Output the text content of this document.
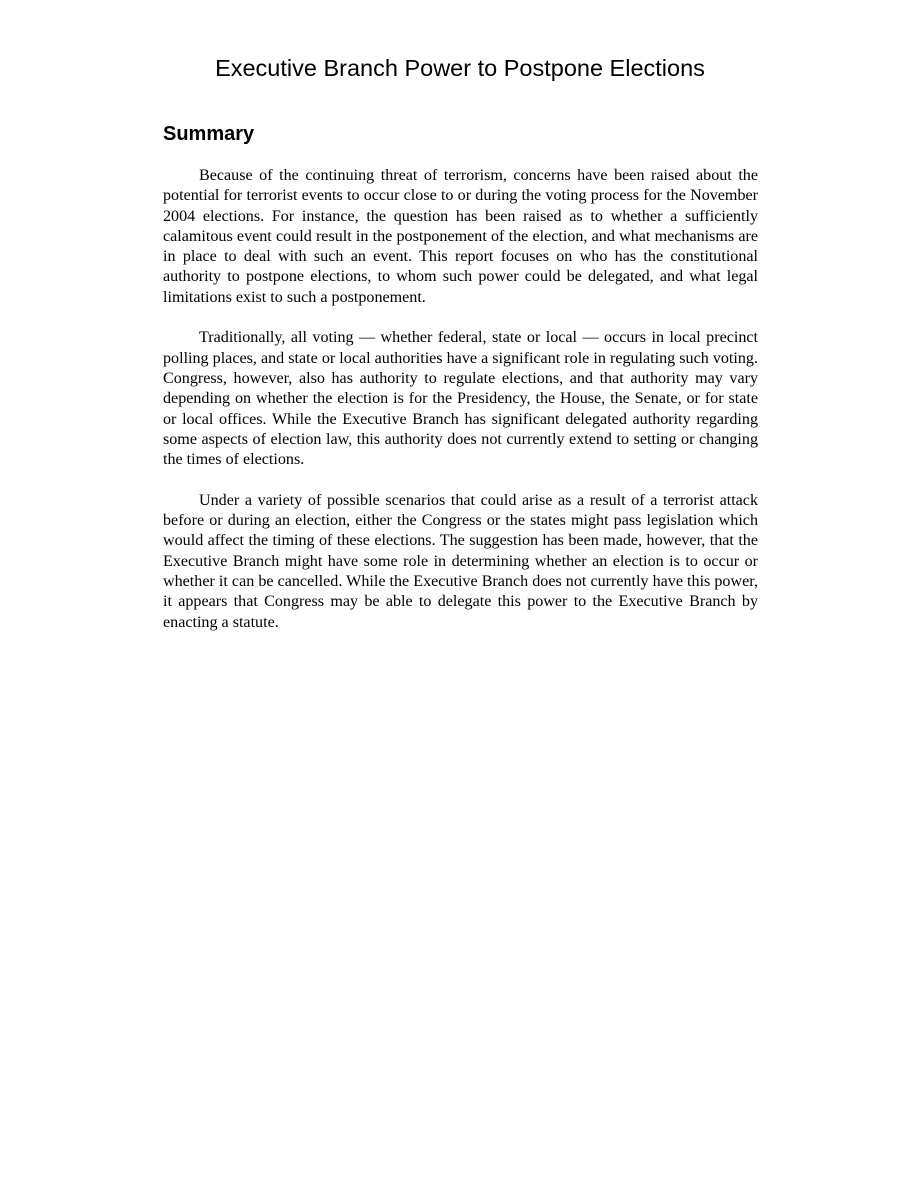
Executive Branch Power to Postpone Elections
Summary

Because of the continuing threat of terrorism, concerns have been raised about the potential for terrorist events to occur close to or during the voting process for the November 2004 elections. For instance, the question has been raised as to whether a sufficiently calamitous event could result in the postponement of the election, and what mechanisms are in place to deal with such an event. This report focuses on who has the constitutional authority to postpone elections, to whom such power could be delegated, and what legal limitations exist to such a postponement.

Traditionally, all voting — whether federal, state or local — occurs in local precinct polling places, and state or local authorities have a significant role in regulating such voting. Congress, however, also has authority to regulate elections, and that authority may vary depending on whether the election is for the Presidency, the House, the Senate, or for state or local offices. While the Executive Branch has significant delegated authority regarding some aspects of election law, this authority does not currently extend to setting or changing the times of elections.

Under a variety of possible scenarios that could arise as a result of a terrorist attack before or during an election, either the Congress or the states might pass legislation which would affect the timing of these elections. The suggestion has been made, however, that the Executive Branch might have some role in determining whether an election is to occur or whether it can be cancelled. While the Executive Branch does not currently have this power, it appears that Congress may be able to delegate this power to the Executive Branch by enacting a statute.
